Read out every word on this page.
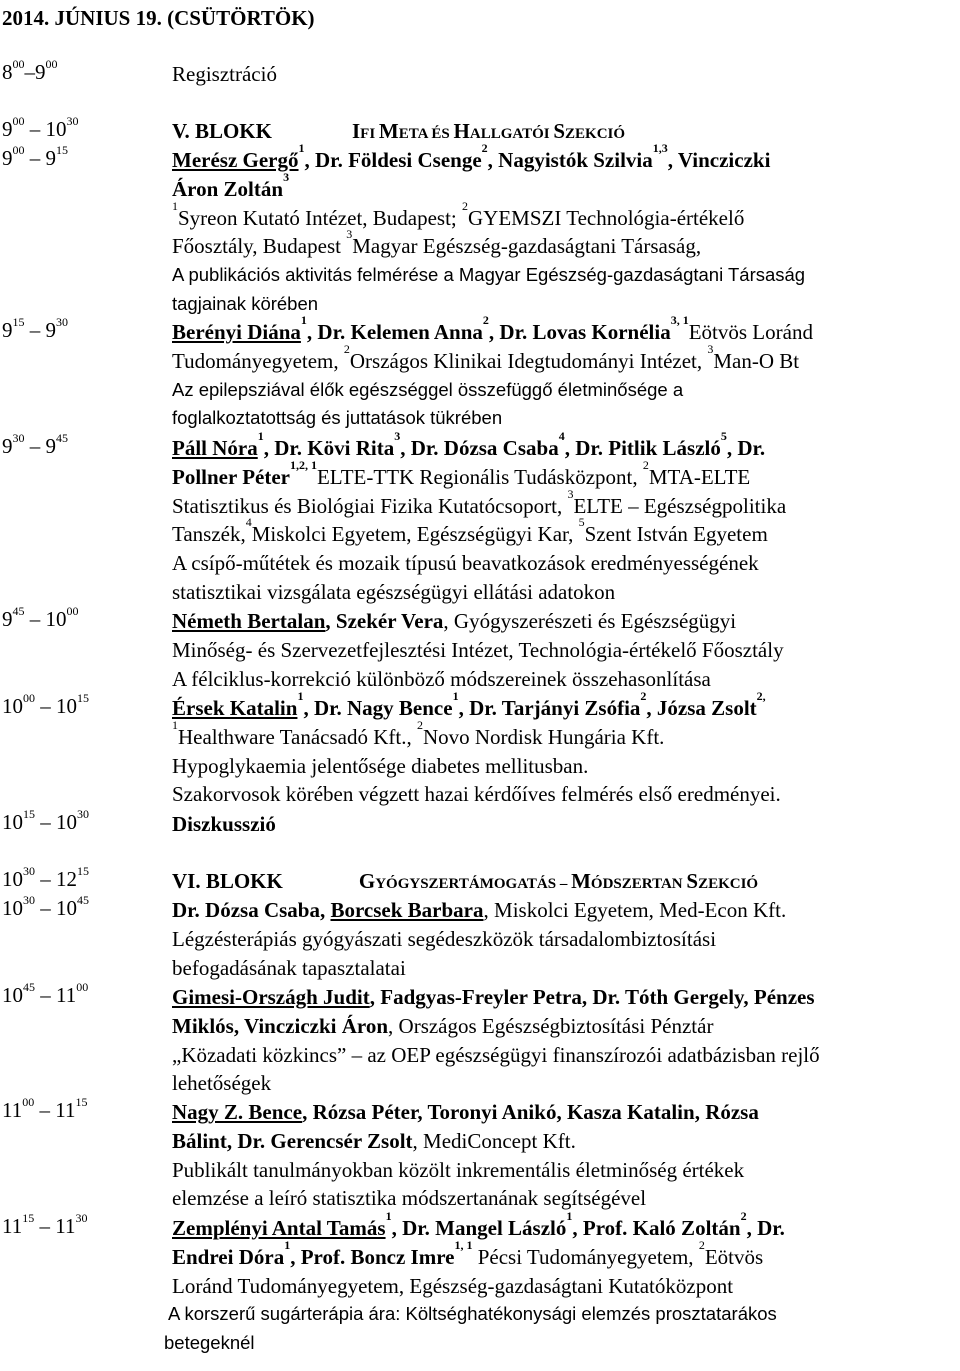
2014. JÚNIUS 19. (CSÜTÖRTÖK)
$8^{00}-9^{00}$	Regisztráció
$9^{00} - 10^{30}$	V. BLOKK	IFI META ÉS HALLGATÓI SZEKCIÓ
$9^{00} - 9^{15}$	Merész Gergő$^1$, Dr. Földesi Csenge$^2$, Nagyistók Szilvia$^{1,3}$, Vincziczki
Áron Zoltán$^3$
$^1$Syreon Kutató Intézet, Budapest; $^2$GYEMSZI Technológia-értékelő
Főosztály, Budapest $^3$Magyar Egészség-gazdaságtani Társaság,
A publikációs aktivitás felmérése a Magyar Egészség-gazdaságtani Társaság
tagjainak körében
$9^{15} - 9^{30}$	Berényi Diána$^1$, Dr. Kelemen Anna$^2$, Dr. Lovas Kornélia$^{3, 1}$Eötvös Loránd
Tudományegyetem, $^2$Országos Klinikai Idegtudományi Intézet, $^3$Man-O Bt
Az epilepsziával élők egészséggel összefüggő életminősége a
foglalkoztatottság és juttatások tükrében
$9^{30} - 9^{45}$	Páll Nóra$^1$, Dr. Kövi Rita$^3$, Dr. Dózsa Csaba$^4$, Dr. Pitlik László$^5$, Dr.
Pollner Péter$^{1,2, 1}$ELTE-TTK Regionális Tudásközpont, $^2$MTA-ELTE
Statisztikus és Biológiai Fizika Kutatócsoport, $^3$ELTE – Egészségpolitika
Tanszék,$^4$Miskolci Egyetem, Egészségügyi Kar, $^5$Szent István Egyetem
A csípő-műtétek és mozaik típusú beavatkozások eredményességének
statisztikai vizsgálata egészségügyi ellátási adatokon
$9^{45} - 10^{00}$	Németh Bertalan, Szekér Vera, Gyógyszerészeti és Egészségügyi
Minőség- és Szervezetfejlesztési Intézet, Technológia-értékelő Főosztály
A félciklus-korrekció különböző módszereinek összehasonlítása
$10^{00} - 10^{15}$	Érsek Katalin$^1$, Dr. Nagy Bence$^1$, Dr. Tarjányi Zsófia$^2$, Józsa Zsolt$^{2,}$
$^1$Healthware Tanácsadó Kft., $^2$Novo Nordisk Hungária Kft.
Hypoglykaemia jelentősége diabetes mellitusban.
Szakorvosok körében végzett hazai kérdőíves felmérés első eredményei.
$10^{15} - 10^{30}$	Diszkusszió
$10^{30} - 12^{15}$	VI. BLOKK	GYÓGYSZERTÁMOGATÁS – MÓDSZERTAN SZEKCIÓ
$10^{30} - 10^{45}$	Dr. Dózsa Csaba, Borcsek Barbara, Miskolci Egyetem, Med-Econ Kft.
Légzésterápiás gyógyászati segédeszközök társadalombiztosítási
befogadásának tapasztalatai
$10^{45} - 11^{00}$	Gimesi-Országh Judit, Fadgyas-Freyler Petra, Dr. Tóth Gergely, Pénzes
Miklós, Vincziczki Áron, Országos Egészségbiztosítási Pénztár
„Közadati közkincs” – az OEP egészségügyi finanszírozói adatbázisban rejlő
lehetőségek
$11^{00} - 11^{15}$	Nagy Z. Bence, Rózsa Péter, Toronyi Anikó, Kasza Katalin, Rózsa
Bálint, Dr. Gerencsér Zsolt, MediConcept Kft.
Publikált tanulmányokban közölt inkrementális életminőség értékek
elemzése a leíró statisztika módszertanának segítségével
$11^{15} - 11^{30}$	Zemplényi Antal Tamás$^1$, Dr. Mangel László$^1$, Prof. Kaló Zoltán$^2$, Dr.
Endrei Dóra$^1$, Prof. Boncz Imre$^{1, 1}$ Pécsi Tudományegyetem, $^2$Eötvös
Loránd Tudományegyetem, Egészség-gazdaságtani Kutatóközpont
A korszerű sugárterápia ára: Költséghatékonysági elemzés prosztatarákos
betegeknél
